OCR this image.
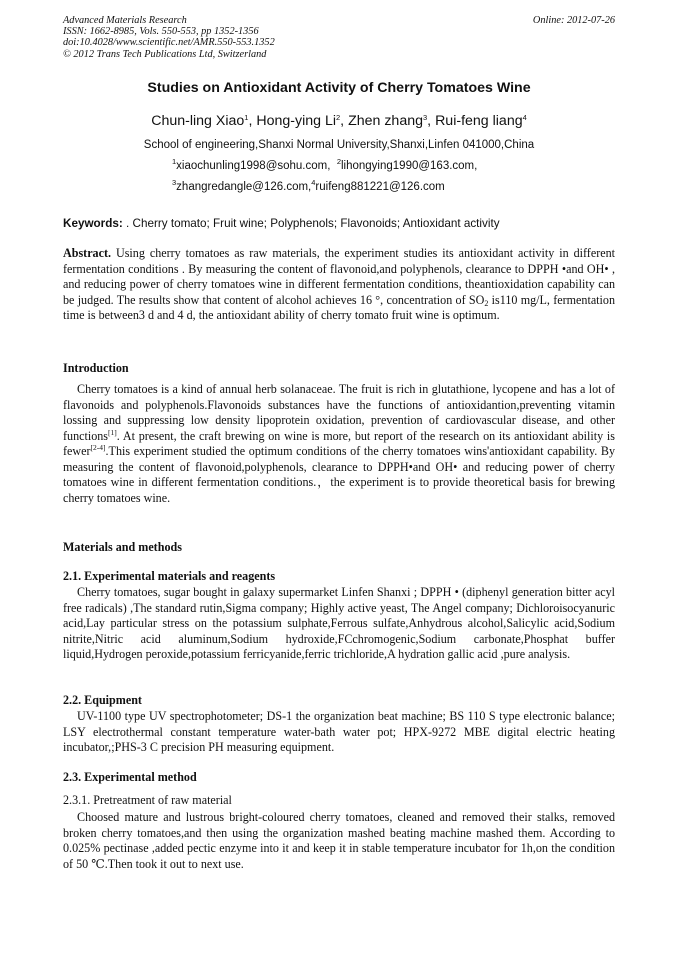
Advanced Materials Research
ISSN: 1662-8985, Vols. 550-553, pp 1352-1356
doi:10.4028/www.scientific.net/AMR.550-553.1352
© 2012 Trans Tech Publications Ltd, Switzerland
Online: 2012-07-26
Studies on Antioxidant Activity of Cherry Tomatoes Wine
Chun-ling Xiao$^1$, Hong-ying Li$^2$, Zhen zhang$^3$, Rui-feng liang$^4$
School of engineering,Shanxi Normal University,Shanxi,Linfen 041000,China
$^1$xiaochunling1998@sohu.com, $^2$lihongying1990@163.com,
$^3$zhangredangle@126.com,$^4$ruifeng881221@126.com
Keywords: . Cherry tomato; Fruit wine; Polyphenols; Flavonoids; Antioxidant activity
Abstract. Using cherry tomatoes as raw materials, the experiment studies its antioxidant activity in different fermentation conditions . By measuring the content of flavonoid,and polyphenols, clearance to DPPH •and OH• , and reducing power of cherry tomatoes wine in different fermentation conditions, theantioxidation capability can be judged. The results show that content of alcohol achieves 16 °, concentration of $SO_2$ is110 mg/L, fermentation time is between3 d and 4 d, the antioxidant ability of cherry tomato fruit wine is optimum.
Introduction
Cherry tomatoes is a kind of annual herb solanaceae. The fruit is rich in glutathione, lycopene and has a lot of flavonoids and polyphenols.Flavonoids substances have the functions of antioxidantion,preventing vitamin lossing and suppressing low density lipoprotein oxidation, prevention of cardiovascular disease, and other functions[1]. At present, the craft brewing on wine is more, but report of the research on its antioxidant ability is fewer[2-4].This experiment studied the optimum conditions of the cherry tomatoes wins'antioxidant capability. By measuring the content of flavonoid,polyphenols, clearance to DPPH•and OH• and reducing power of cherry tomatoes wine in different fermentation conditions.，the experiment is to provide theoretical basis for brewing cherry tomatoes wine.
Materials and methods
2.1. Experimental materials and reagents
Cherry tomatoes, sugar bought in galaxy supermarket Linfen Shanxi ; DPPH • (diphenyl generation bitter acyl free radicals) ,The standard rutin,Sigma company; Highly active yeast, The Angel company; Dichloroisocyanuric acid,Lay particular stress on the potassium sulphate,Ferrous sulfate,Anhydrous alcohol,Salicylic acid,Sodium nitrite,Nitric acid aluminum,Sodium hydroxide,FCchromogenic,Sodium carbonate,Phosphat buffer liquid,Hydrogen peroxide,potassium ferricyanide,ferric trichloride,A hydration gallic acid ,pure analysis.
2.2. Equipment
UV-1100 type UV spectrophotometer; DS-1 the organization beat machine; BS 110 S type electronic balance; LSY electrothermal constant temperature water-bath water pot; HPX-9272 MBE digital electric heating incubator,;PHS-3 C precision PH measuring equipment.
2.3. Experimental method
2.3.1. Pretreatment of raw material
Choosed mature and lustrous bright-coloured cherry tomatoes, cleaned and removed their stalks, removed broken cherry tomatoes,and then using the organization mashed beating machine mashed them. According to 0.025% pectinase ,added pectic enzyme into it and keep it in stable temperature incubator for 1h,on the condition of 50 ℃.Then took it out to next use.
